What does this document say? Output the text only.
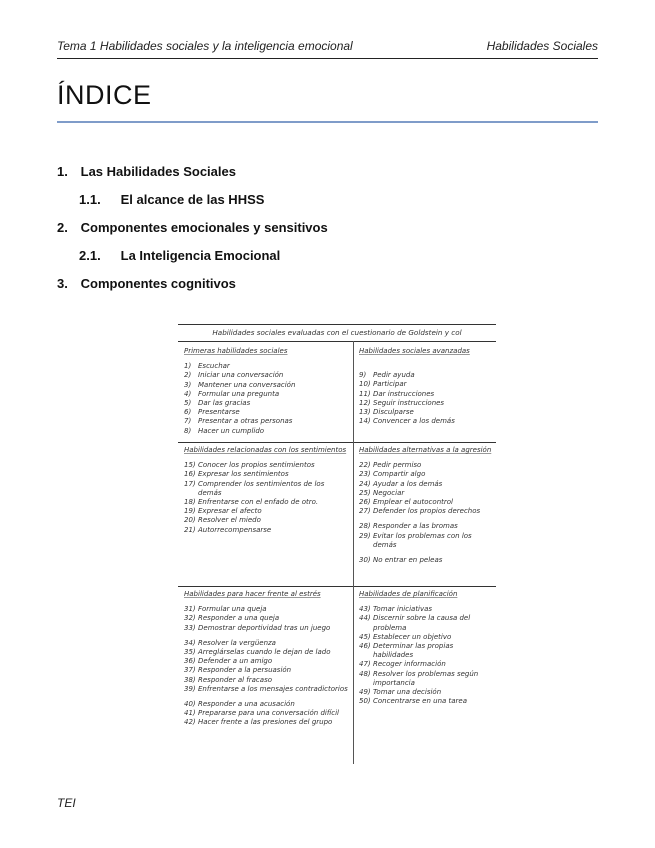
Tema 1 Habilidades sociales y la inteligencia emocional	Habilidades Sociales
ÍNDICE
1. Las Habilidades Sociales
1.1. El alcance de las HHSS
2. Componentes emocionales y sensitivos
2.1. La Inteligencia Emocional
3. Componentes cognitivos
Habilidades sociales evaluadas con el cuestionario de Goldstein y col
Primeras habilidades sociales
1) Escuchar
2) Iniciar una conversación
3) Mantener una conversación
4) Formular una pregunta
5) Dar las gracias
6) Presentarse
7) Presentar a otras personas
8) Hacer un cumplido
Habilidades sociales avanzadas
9) Pedir ayuda
10) Participar
11) Dar instrucciones
12) Seguir instrucciones
13) Disculparse
14) Convencer a los demás
Habilidades relacionadas con los sentimientos
15) Conocer los propios sentimientos
16) Expresar los sentimientos
17) Comprender los sentimientos de los demás
18) Enfrentarse con el enfado de otro.
19) Expresar el afecto
20) Resolver el miedo
21) Autorrecompensarse
Habilidades alternativas a la agresión
22) Pedir permiso
23) Compartir algo
24) Ayudar a los demás
25) Negociar
26) Emplear el autocontrol
27) Defender los propios derechos
28) Responder a las bromas
29) Evitar los problemas con los demás
30) No entrar en peleas
Habilidades para hacer frente al estrés
31) Formular una queja
32) Responder a una queja
33) Demostrar deportividad tras un juego
34) Resolver la vergüenza
35) Arreglárselas cuando le dejan de lado
36) Defender a un amigo
37) Responder a la persuasión
38) Responder al fracaso
39) Enfrentarse a los mensajes contradictorios
40) Responder a una acusación
41) Prepararse para una conversación difícil
42) Hacer frente a las presiones del grupo
Habilidades de planificación
43) Tomar iniciativas
44) Discernir sobre la causa del problema
45) Establecer un objetivo
46) Determinar las propias habilidades
47) Recoger información
48) Resolver los problemas según importancia
49) Tomar una decisión
50) Concentrarse en una tarea
TEI
